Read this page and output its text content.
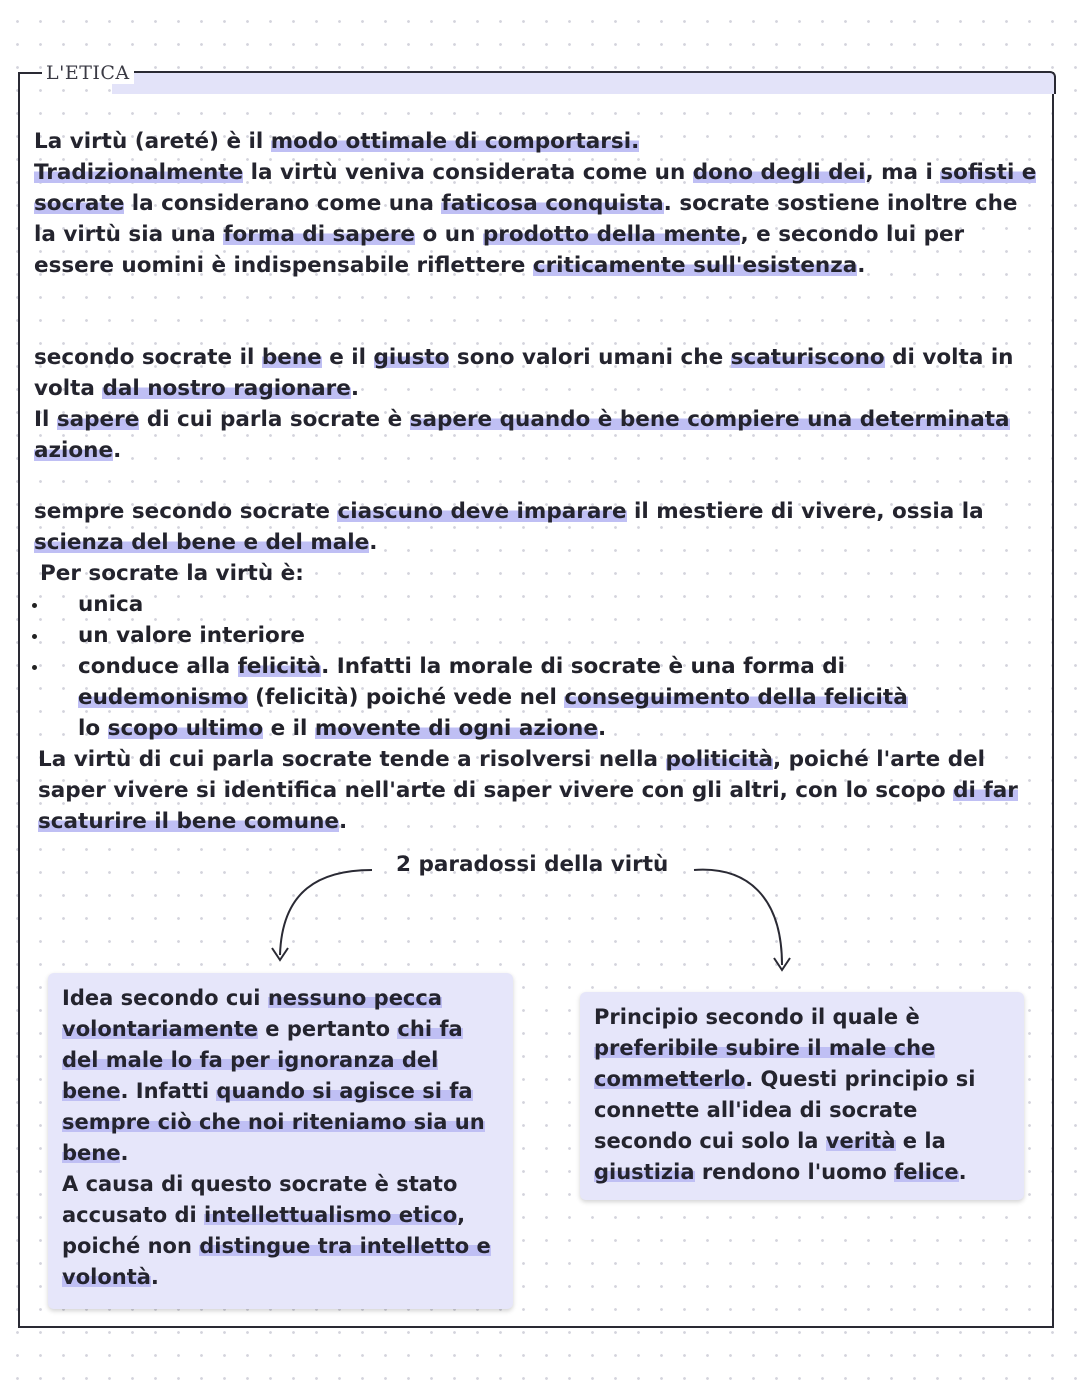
L'ETICA

La virtù (areté) è il modo ottimale di comportarsi.
Tradizionalmente la virtù veniva considerata come un dono degli dei, ma i sofisti e socrate la considerano come una faticosa conquista. socrate sostiene inoltre che la virtù sia una forma di sapere o un prodotto della mente, e secondo lui per essere uomini è indispensabile riflettere criticamente sull'esistenza.

secondo socrate il bene e il giusto sono valori umani che scaturiscono di volta in volta dal nostro ragionare.
Il sapere di cui parla socrate è sapere quando è bene compiere una determinata azione.

sempre secondo socrate ciascuno deve imparare il mestiere di vivere, ossia la scienza del bene e del male.

Per socrate la virtù è:

unica
un valore interiore
conduce alla felicità. Infatti la morale di socrate è una forma di eudemonismo (felicità) poiché vede nel conseguimento della felicità lo scopo ultimo e il movente di ogni azione.

La virtù di cui parla socrate tende a risolversi nella politicità, poiché l'arte del saper vivere si identifica nell'arte di saper vivere con gli altri, con lo scopo di far scaturire il bene comune.

2 paradossi della virtù

Idea secondo cui nessuno pecca volontariamente e pertanto chi fa del male lo fa per ignoranza del bene. Infatti quando si agisce si fa sempre ciò che noi riteniamo sia un bene.
A causa di questo socrate è stato accusato di intellettualismo etico, poiché non distingue tra intelletto e volontà.

Principio secondo il quale è preferibile subire il male che commetterlo. Questi principio si connette all'idea di socrate secondo cui solo la verità e la giustizia rendono l'uomo felice.
